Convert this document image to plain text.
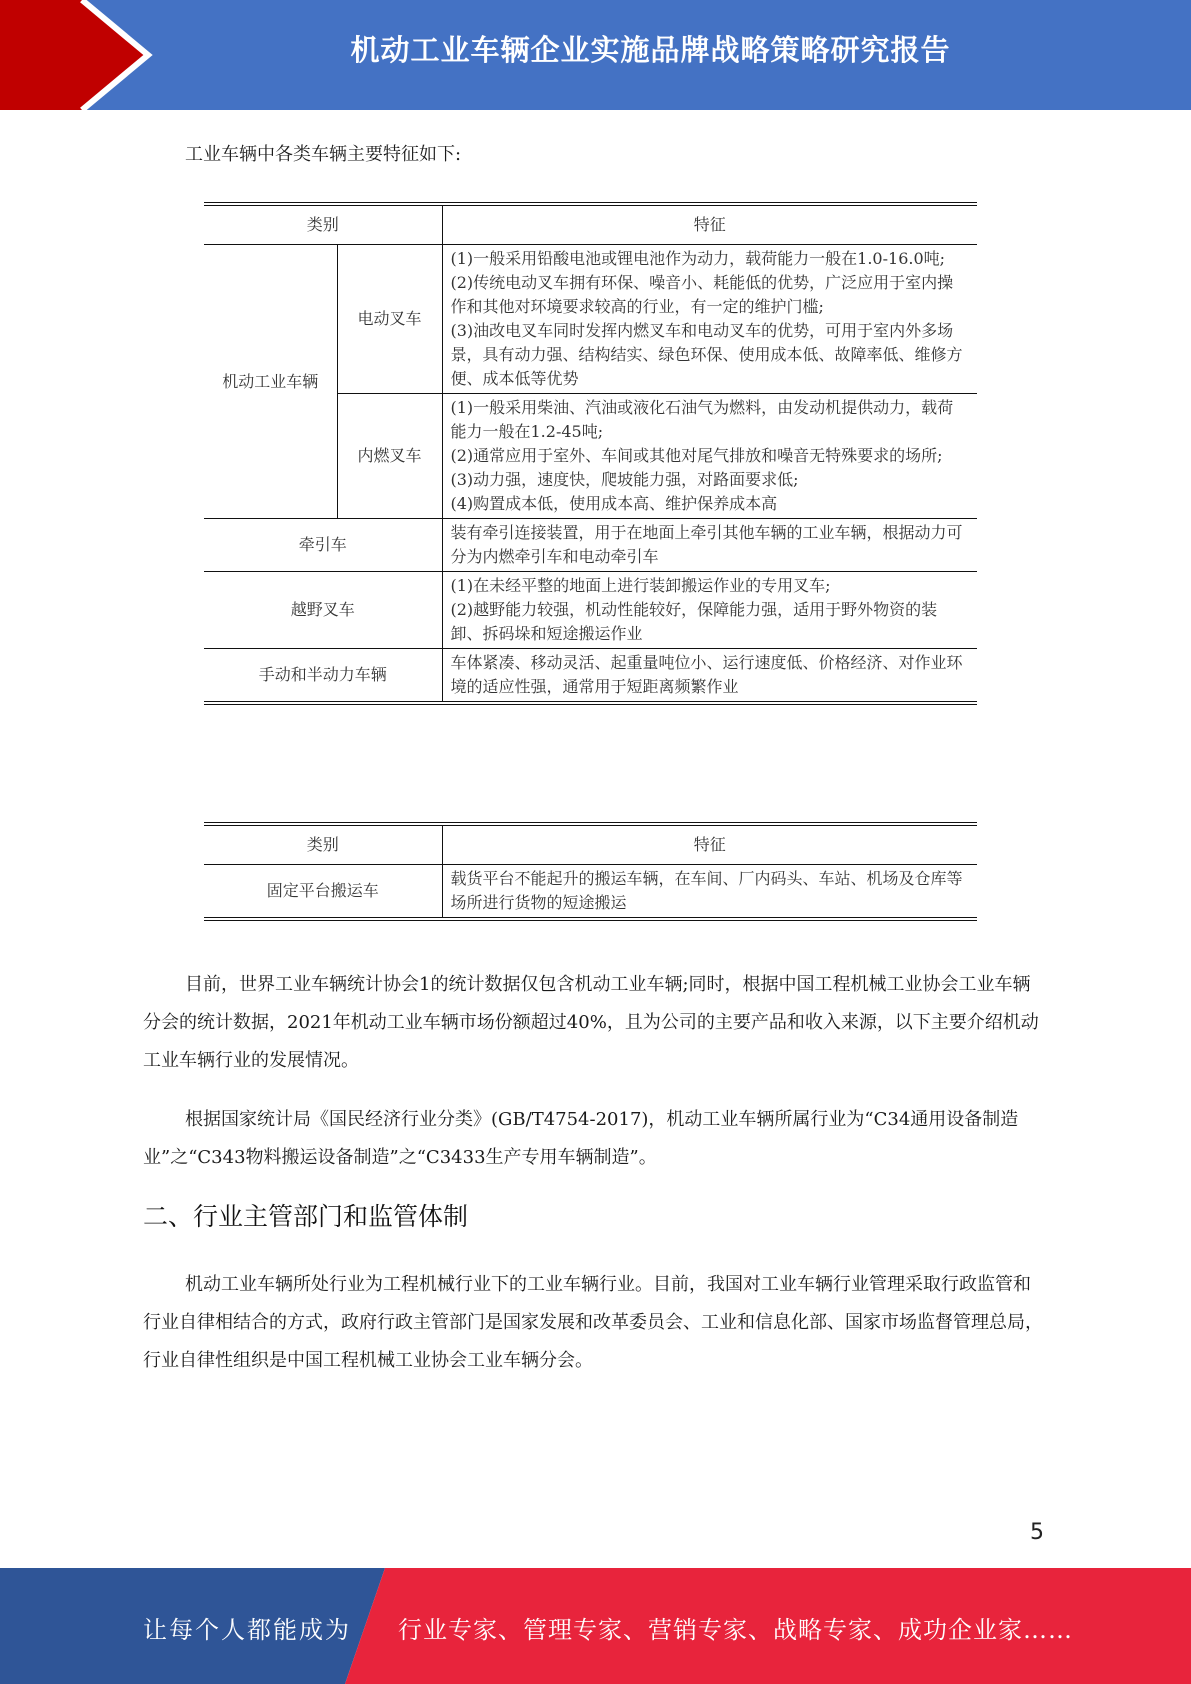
机动工业车辆企业实施品牌战略策略研究报告
工业车辆中各类车辆主要特征如下:
类别		特征
机动工业车辆	电动叉车	(1)一般采用铅酸电池或锂电池作为动力，载荷能力一般在1.0-16.0吨;
(2)传统电动叉车拥有环保、噪音小、耗能低的优势，广泛应用于室内操作和其他对环境要求较高的行业，有一定的维护门槛;
(3)油改电叉车同时发挥内燃叉车和电动叉车的优势，可用于室内外多场景，具有动力强、结构结实、绿色环保、使用成本低、故障率低、维修方便、成本低等优势

	内燃叉车	(1)一般采用柴油、汽油或液化石油气为燃料，由发动机提供动力，载荷能力一般在1.2-45吨;
(2)通常应用于室外、车间或其他对尾气排放和噪音无特殊要求的场所;
(3)动力强，速度快，爬坡能力强，对路面要求低;
(4)购置成本低，使用成本高、维护保养成本高

牵引车		装有牵引连接装置，用于在地面上牵引其他车辆的工业车辆，根据动力可分为内燃牵引车和电动牵引车

越野叉车		(1)在未经平整的地面上进行装卸搬运作业的专用叉车;
(2)越野能力较强，机动性能较好，保障能力强，适用于野外物资的装卸、拆码垛和短途搬运作业

手动和半动力车辆		车体紧凑、移动灵活、起重量吨位小、运行速度低、价格经济、对作业环境的适应性强，通常用于短距离频繁作业
类别	特征
固定平台搬运车	载货平台不能起升的搬运车辆，在车间、厂内码头、车站、机场及仓库等场所进行货物的短途搬运

目前，世界工业车辆统计协会1的统计数据仅包含机动工业车辆;同时，根据中国工程机械工业协会工业车辆分会的统计数据，2021年机动工业车辆市场份额超过40%，且为公司的主要产品和收入来源，以下主要介绍机动工业车辆行业的发展情况。

根据国家统计局《国民经济行业分类》(GB/T4754-2017)，机动工业车辆所属行业为“C34通用设备制造业”之“C343物料搬运设备制造”之“C3433生产专用车辆制造”。

二、行业主管部门和监管体制

机动工业车辆所处行业为工程机械行业下的工业车辆行业。目前，我国对工业车辆行业管理采取行政监管和行业自律相结合的方式，政府行政主管部门是国家发展和改革委员会、工业和信息化部、国家市场监督管理总局，行业自律性组织是中国工程机械工业协会工业车辆分会。

5
让每个人都能成为 行业专家、管理专家、营销专家、战略专家、成功企业家……
